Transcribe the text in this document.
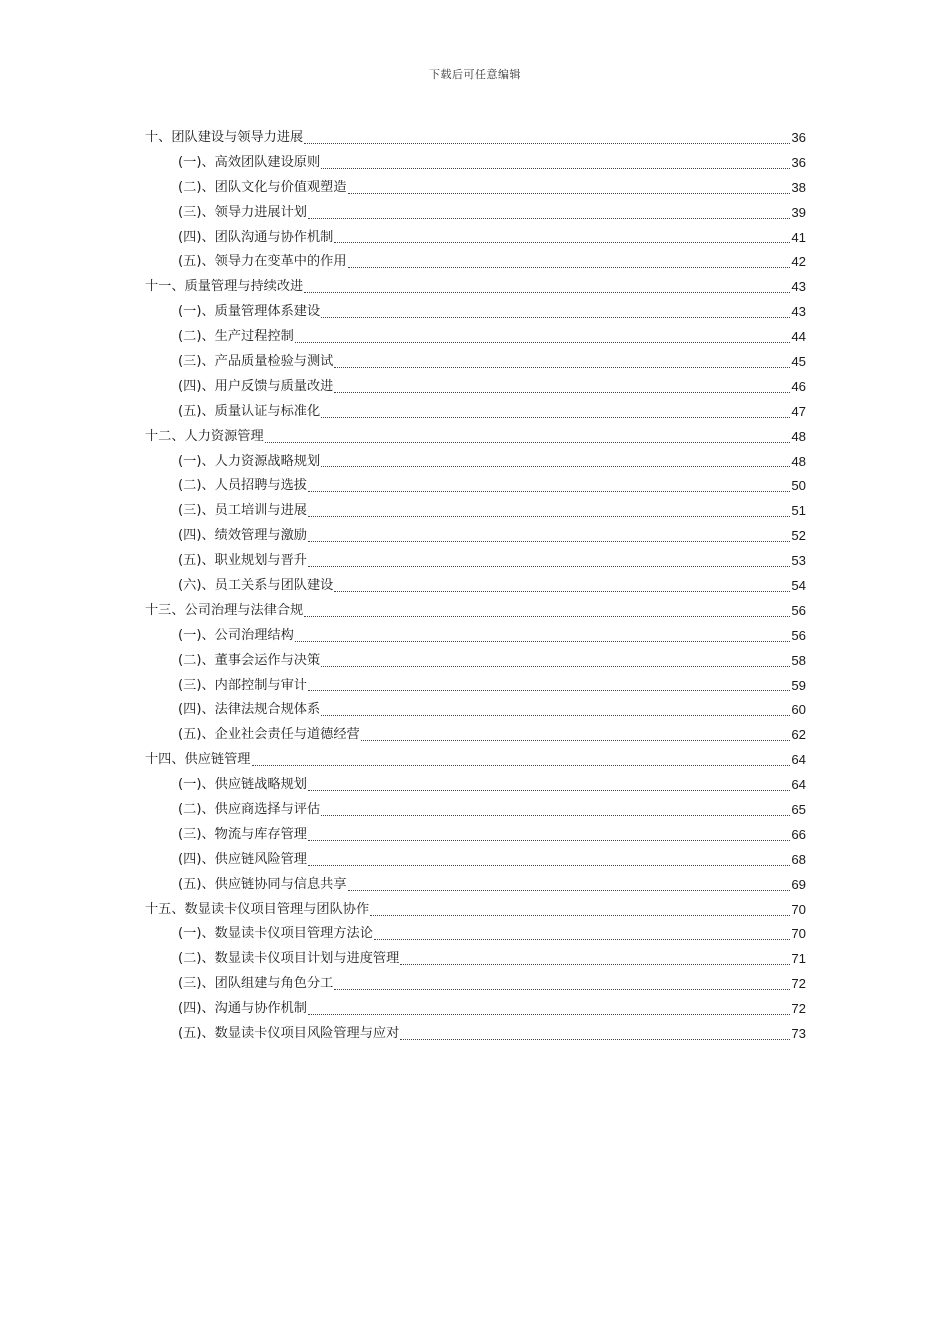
下载后可任意编辑
十、团队建设与领导力进展	36
(一)、高效团队建设原则	36
(二)、团队文化与价值观塑造	38
(三)、领导力进展计划	39
(四)、团队沟通与协作机制	41
(五)、领导力在变革中的作用	42
十一、质量管理与持续改进	43
(一)、质量管理体系建设	43
(二)、生产过程控制	44
(三)、产品质量检验与测试	45
(四)、用户反馈与质量改进	46
(五)、质量认证与标准化	47
十二、人力资源管理	48
(一)、人力资源战略规划	48
(二)、人员招聘与选拔	50
(三)、员工培训与进展	51
(四)、绩效管理与激励	52
(五)、职业规划与晋升	53
(六)、员工关系与团队建设	54
十三、公司治理与法律合规	56
(一)、公司治理结构	56
(二)、董事会运作与决策	58
(三)、内部控制与审计	59
(四)、法律法规合规体系	60
(五)、企业社会责任与道德经营	62
十四、供应链管理	64
(一)、供应链战略规划	64
(二)、供应商选择与评估	65
(三)、物流与库存管理	66
(四)、供应链风险管理	68
(五)、供应链协同与信息共享	69
十五、数显读卡仪项目管理与团队协作	70
(一)、数显读卡仪项目管理方法论	70
(二)、数显读卡仪项目计划与进度管理	71
(三)、团队组建与角色分工	72
(四)、沟通与协作机制	72
(五)、数显读卡仪项目风险管理与应对	73
